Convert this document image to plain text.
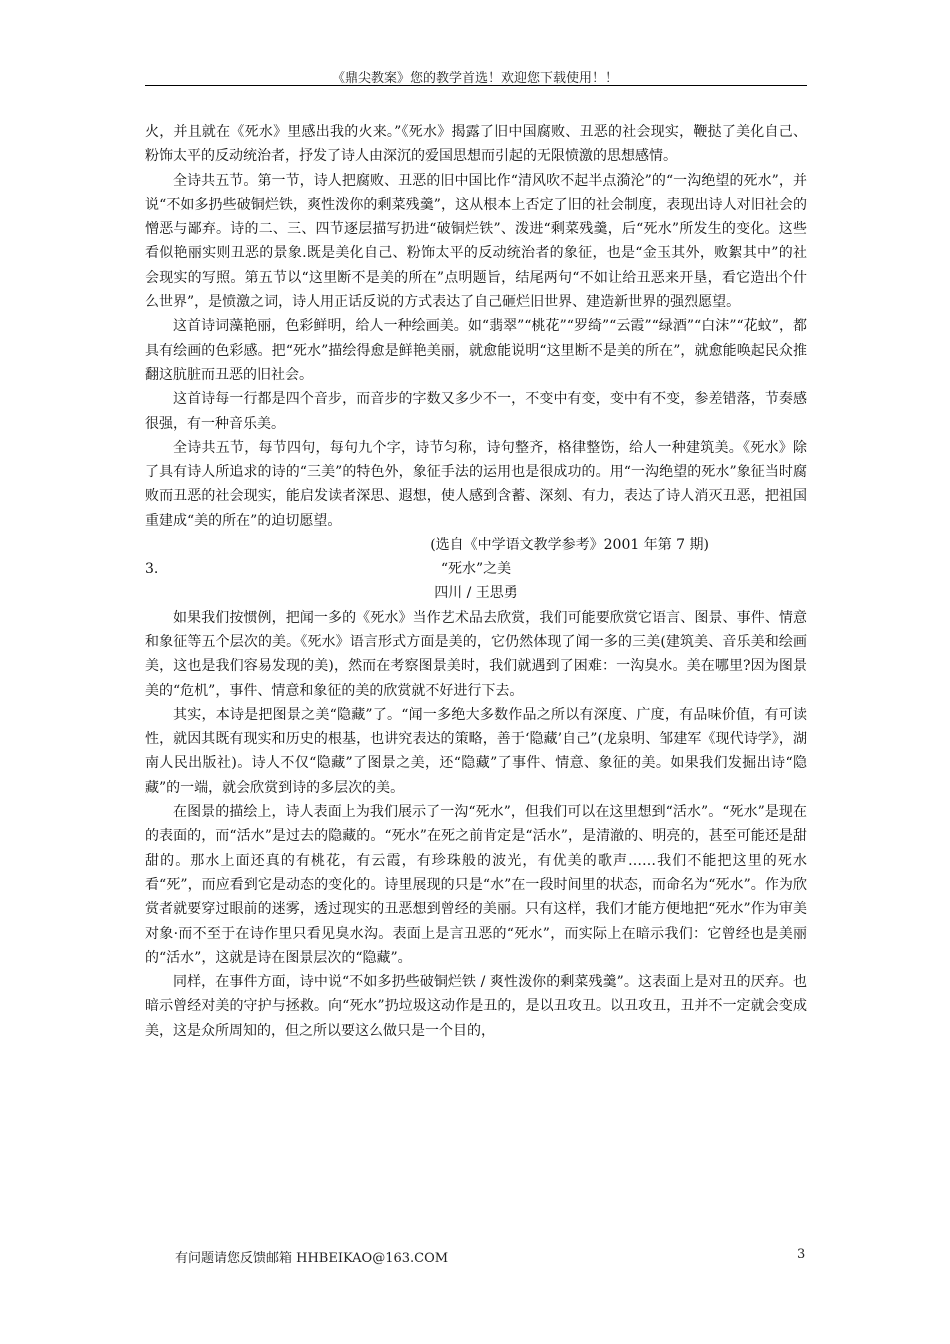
《鼎尖教案》您的教学首选！欢迎您下载使用！！

火，并且就在《死水》里感出我的火来。”《死水》揭露了旧中国腐败、丑恶的社会现实，鞭挞了美化自己、粉饰太平的反动统治者，抒发了诗人由深沉的爱国思想而引起的无限愤激的思想感情。

全诗共五节。第一节，诗人把腐败、丑恶的旧中国比作“清风吹不起半点漪沦”的“一沟绝望的死水”，并说“不如多扔些破铜烂铁，爽性泼你的剩菜残羹”，这从根本上否定了旧的社会制度，表现出诗人对旧社会的憎恶与鄙弃。诗的二、三、四节逐层描写扔进“破铜烂铁”、泼进“剩菜残羹，后“死水”所发生的变化。这些看似艳丽实则丑恶的景象.既是美化自己、粉饰太平的反动统治者的象征，也是“金玉其外，败絮其中”的社会现实的写照。第五节以“这里断不是美的所在”点明题旨，结尾两句“不如让给丑恶来开垦，看它造出个什么世界”，是愤激之词，诗人用正话反说的方式表达了自己砸烂旧世界、建造新世界的强烈愿望。

这首诗词藻艳丽，色彩鲜明，给人一种绘画美。如“翡翠”“桃花”“罗绮”“云霞”“绿酒”“白沫”“花蚊”，都具有绘画的色彩感。把“死水”描绘得愈是鲜艳美丽，就愈能说明“这里断不是美的所在”，就愈能唤起民众推翻这肮脏而丑恶的旧社会。

这首诗每一行都是四个音步，而音步的字数又多少不一，不变中有变，变中有不变，参差错落，节奏感很强，有一种音乐美。

全诗共五节，每节四句，每句九个字，诗节匀称，诗句整齐，格律整饬，给人一种建筑美。《死水》除了具有诗人所追求的诗的“三美”的特色外，象征手法的运用也是很成功的。用“一沟绝望的死水”象征当时腐败而丑恶的社会现实，能启发读者深思、遐想，使人感到含蓄、深刻、有力，表达了诗人消灭丑恶，把祖国重建成“美的所在”的迫切愿望。

(选自《中学语文教学参考》2001 年第 7 期)

3.	“死水”之美

四川 / 王思勇

如果我们按惯例，把闻一多的《死水》当作艺术品去欣赏，我们可能要欣赏它语言、图景、事件、情意和象征等五个层次的美。《死水》语言形式方面是美的，它仍然体现了闻一多的三美(建筑美、音乐美和绘画美，这也是我们容易发现的美)，然而在考察图景美时，我们就遇到了困难：一沟臭水。美在哪里?因为图景美的“危机”，事件、情意和象征的美的欣赏就不好进行下去。

其实，本诗是把图景之美“隐藏”了。“闻一多绝大多数作品之所以有深度、广度，有品味价值，有可读性，就因其既有现实和历史的根基，也讲究表达的策略，善于‘隐藏’自己”(龙泉明、邹建军《现代诗学》，湖南人民出版社)。诗人不仅“隐藏”了图景之美，还“隐藏”了事件、情意、象征的美。如果我们发掘出诗“隐藏”的一端，就会欣赏到诗的多层次的美。

在图景的描绘上，诗人表面上为我们展示了一沟“死水”，但我们可以在这里想到“活水”。“死水”是现在的表面的，而“活水”是过去的隐藏的。“死水”在死之前肯定是“活水”，是清澈的、明亮的，甚至可能还是甜甜的。那水上面还真的有桃花，有云霞，有珍珠般的波光，有优美的歌声……我们不能把这里的死水看“死”，而应看到它是动态的变化的。诗里展现的只是“水”在一段时间里的状态，而命名为“死水”。作为欣赏者就要穿过眼前的迷雾，透过现实的丑恶想到曾经的美丽。只有这样，我们才能方便地把“死水”作为审美对象·而不至于在诗作里只看见臭水沟。表面上是言丑恶的“死水”，而实际上在暗示我们：它曾经也是美丽的“活水”，这就是诗在图景层次的“隐藏”。

同样，在事件方面，诗中说“不如多扔些破铜烂铁 / 爽性泼你的剩菜残羹”。这表面上是对丑的厌弃。也暗示曾经对美的守护与拯救。向“死水”扔垃圾这动作是丑的，是以丑攻丑。以丑攻丑，丑并不一定就会变成美，这是众所周知的，但之所以要这么做只是一个目的，

有问题请您反馈邮箱 HHBEIKAO@163.COM	3
